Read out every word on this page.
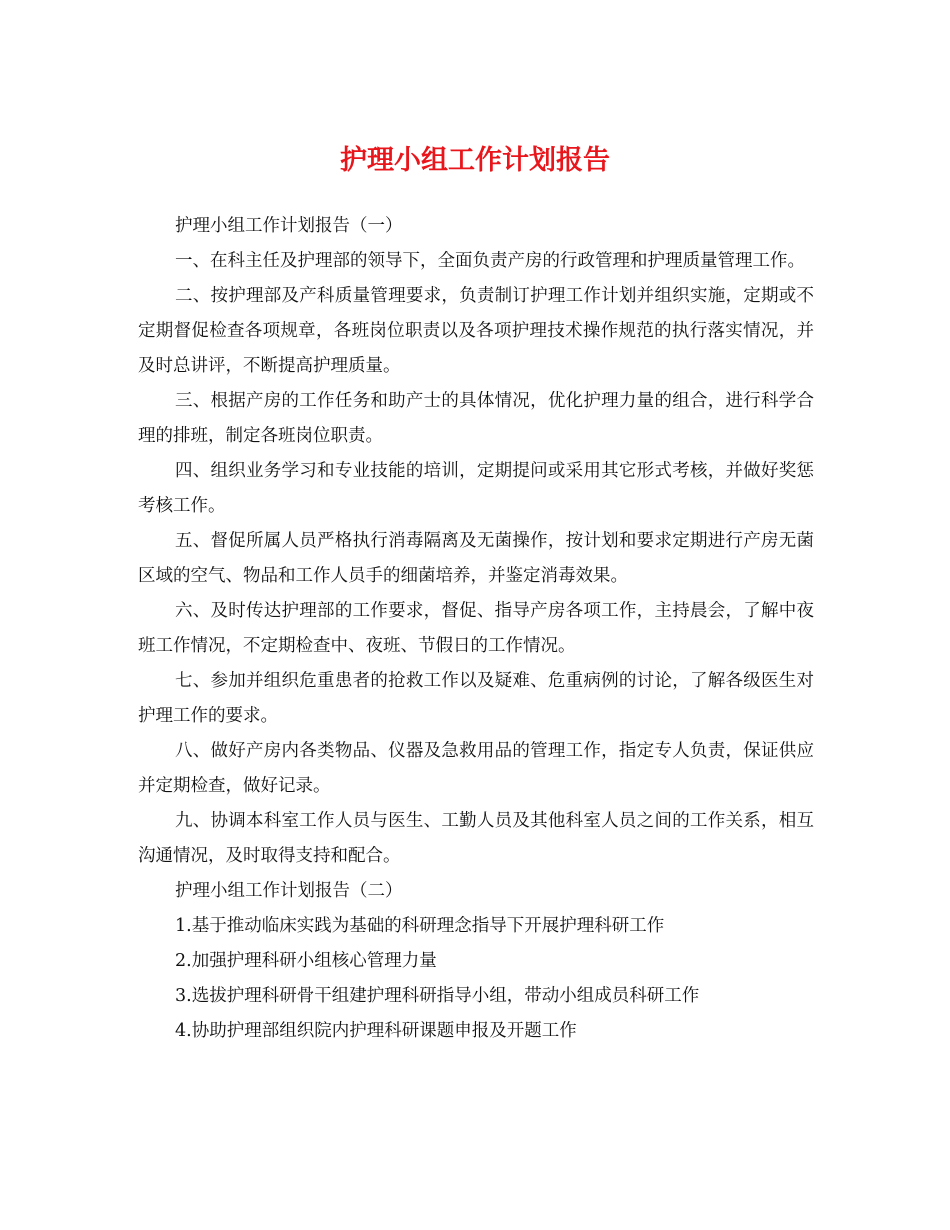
护理小组工作计划报告

护理小组工作计划报告（一）

一、在科主任及护理部的领导下，全面负责产房的行政管理和护理质量管理工作。

二、按护理部及产科质量管理要求，负责制订护理工作计划并组织实施，定期或不定期督促检查各项规章，各班岗位职责以及各项护理技术操作规范的执行落实情况，并及时总讲评，不断提高护理质量。

三、根据产房的工作任务和助产士的具体情况，优化护理力量的组合，进行科学合理的排班，制定各班岗位职责。

四、组织业务学习和专业技能的培训，定期提问或采用其它形式考核，并做好奖惩考核工作。

五、督促所属人员严格执行消毒隔离及无菌操作，按计划和要求定期进行产房无菌区域的空气、物品和工作人员手的细菌培养，并鉴定消毒效果。

六、及时传达护理部的工作要求，督促、指导产房各项工作，主持晨会，了解中夜班工作情况，不定期检查中、夜班、节假日的工作情况。

七、参加并组织危重患者的抢救工作以及疑难、危重病例的讨论，了解各级医生对护理工作的要求。

八、做好产房内各类物品、仪器及急救用品的管理工作，指定专人负责，保证供应并定期检查，做好记录。

九、协调本科室工作人员与医生、工勤人员及其他科室人员之间的工作关系，相互沟通情况，及时取得支持和配合。

护理小组工作计划报告（二）

1.基于推动临床实践为基础的科研理念指导下开展护理科研工作

2.加强护理科研小组核心管理力量

3.选拔护理科研骨干组建护理科研指导小组，带动小组成员科研工作

4.协助护理部组织院内护理科研课题申报及开题工作
